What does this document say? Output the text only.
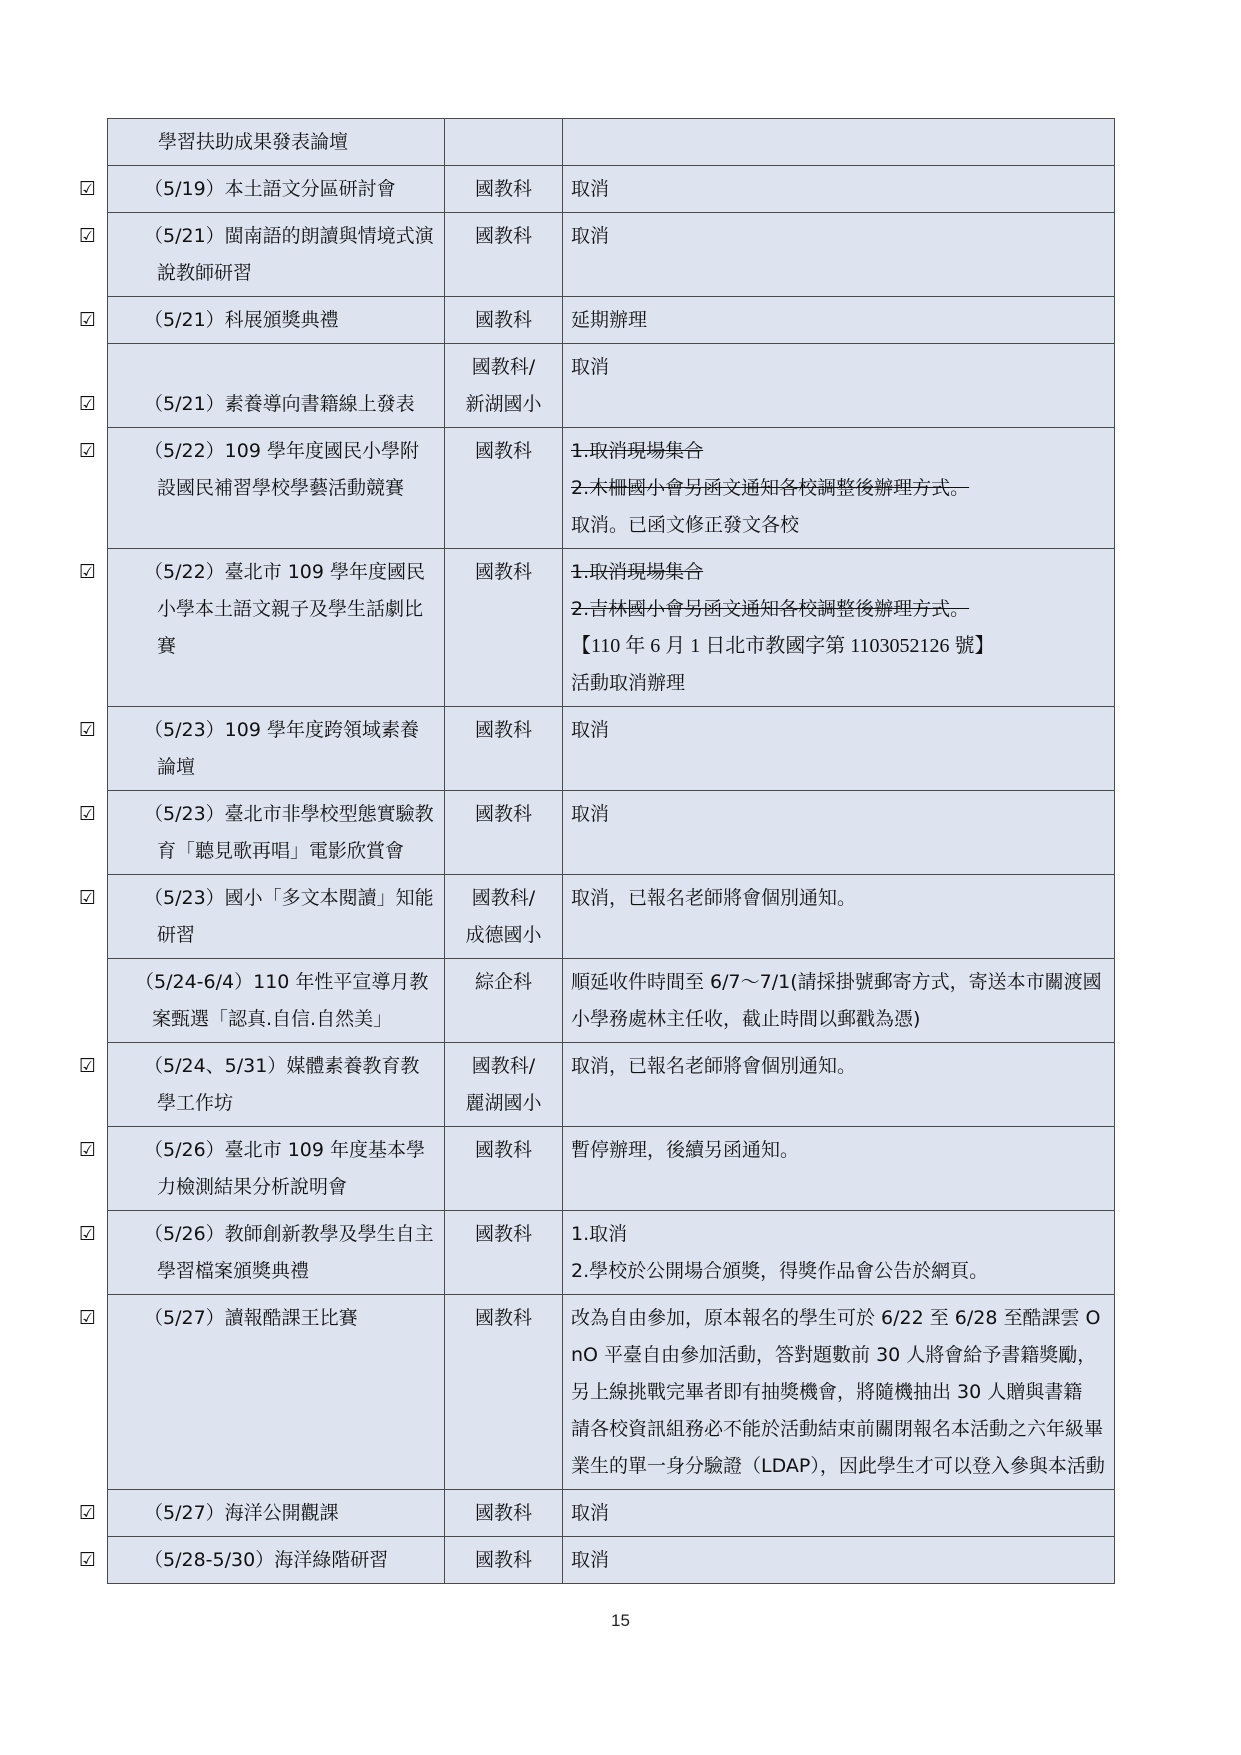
學習扶助成果發表論壇		

☑ （5/19）本土語文分區研討會	國教科	取消

☑ （5/21）閩南語的朗讀與情境式演說教師研習	國教科	取消

☑ （5/21）科展頒獎典禮	國教科	延期辦理

☑ （5/21）素養導向書籍線上發表	國教科/
新湖國小	取消

☑ （5/22）109 學年度國民小學附設國民補習學校學藝活動競賽	國教科	1.取消現場集合
2.木柵國小會另函文通知各校調整後辦理方式。
取消。已函文修正發文各校

☑ （5/22）臺北市 109 學年度國民小學本土語文親子及學生話劇比賽	國教科	1.取消現場集合
2.吉林國小會另函文通知各校調整後辦理方式。
【110 年 6 月 1 日北市教國字第 1103052126 號】
活動取消辦理

☑ （5/23）109 學年度跨領域素養論壇	國教科	取消

☑ （5/23）臺北市非學校型態實驗教育「聽見歌再唱」電影欣賞會	國教科	取消

☑ （5/23）國小「多文本閱讀」知能研習	國教科/
成德國小	取消，已報名老師將會個別通知。

（5/24-6/4）110 年性平宣導月教案甄選「認真.自信.自然美」	綜企科	順延收件時間至 6/7～7/1(請採掛號郵寄方式，寄送本市關渡國小學務處林主任收，截止時間以郵戳為憑)

☑ （5/24、5/31）媒體素養教育教學工作坊	國教科/
麗湖國小	取消，已報名老師將會個別通知。

☑ （5/26）臺北市 109 年度基本學力檢測結果分析說明會	國教科	暫停辦理，後續另函通知。

☑ （5/26）教師創新教學及學生自主學習檔案頒獎典禮	國教科	1.取消
2.學校於公開場合頒獎，得獎作品會公告於網頁。

☑ （5/27）讀報酷課王比賽	國教科	改為自由參加，原本報名的學生可於 6/22 至 6/28 至酷課雲 OnO 平臺自由參加活動，答對題數前 30 人將會給予書籍獎勵，另上線挑戰完畢者即有抽獎機會，將隨機抽出 30 人贈與書籍
請各校資訊組務必不能於活動結束前關閉報名本活動之六年級畢業生的單一身分驗證（LDAP），因此學生才可以登入參與本活動

☑ （5/27）海洋公開觀課	國教科	取消

☑ （5/28-5/30）海洋綠階研習	國教科	取消
15
